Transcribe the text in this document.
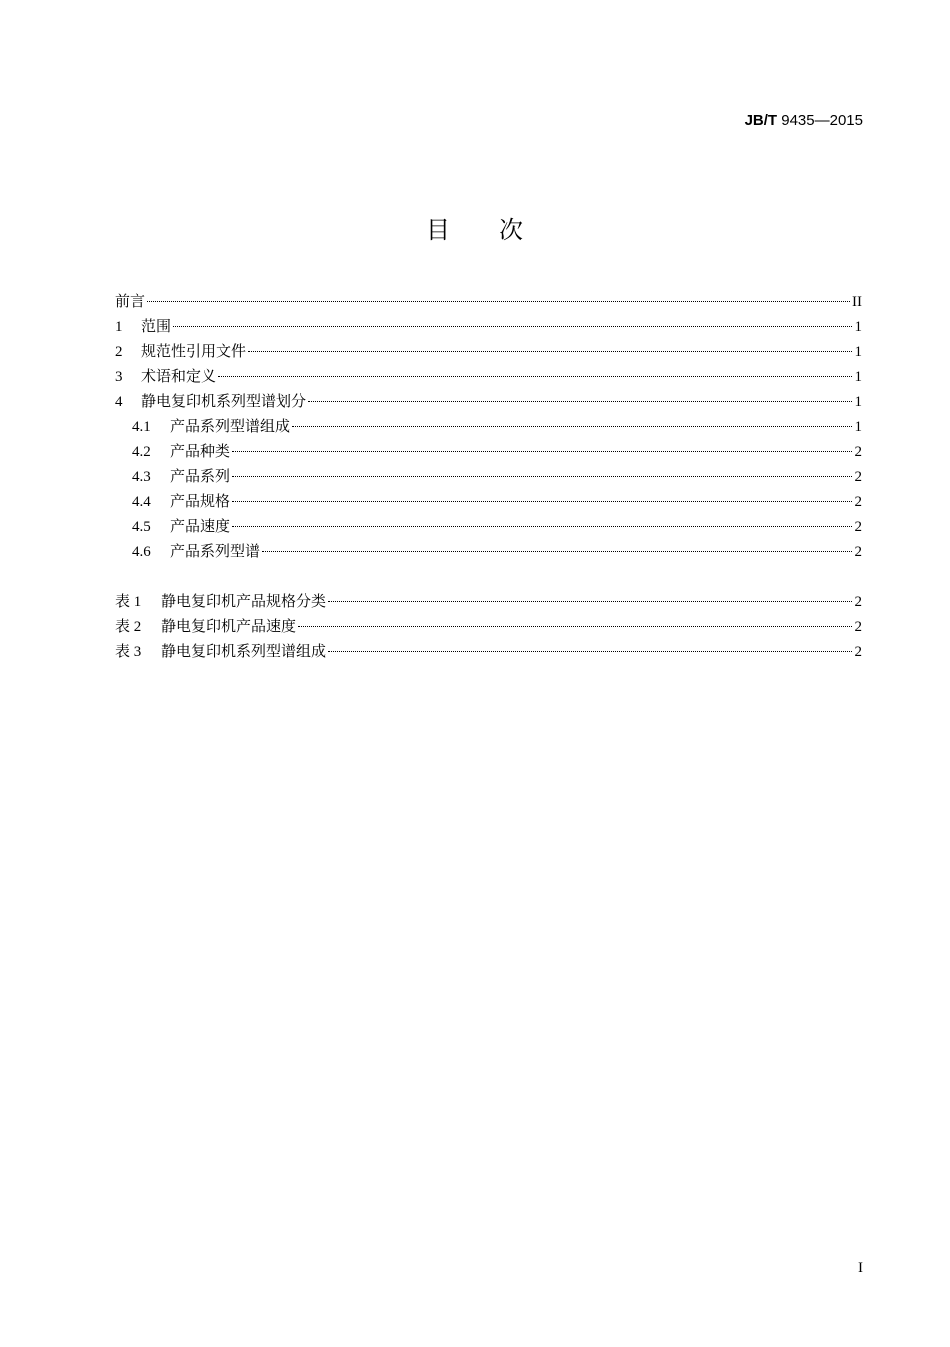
JB/T 9435—2015
目 次
前言	II
1	范围	1
2	规范性引用文件	1
3	术语和定义	1
4	静电复印机系列型谱划分	1
4.1	产品系列型谱组成	1
4.2	产品种类	2
4.3	产品系列	2
4.4	产品规格	2
4.5	产品速度	2
4.6	产品系列型谱	2
表 1	静电复印机产品规格分类	2
表 2	静电复印机产品速度	2
表 3	静电复印机系列型谱组成	2
I
